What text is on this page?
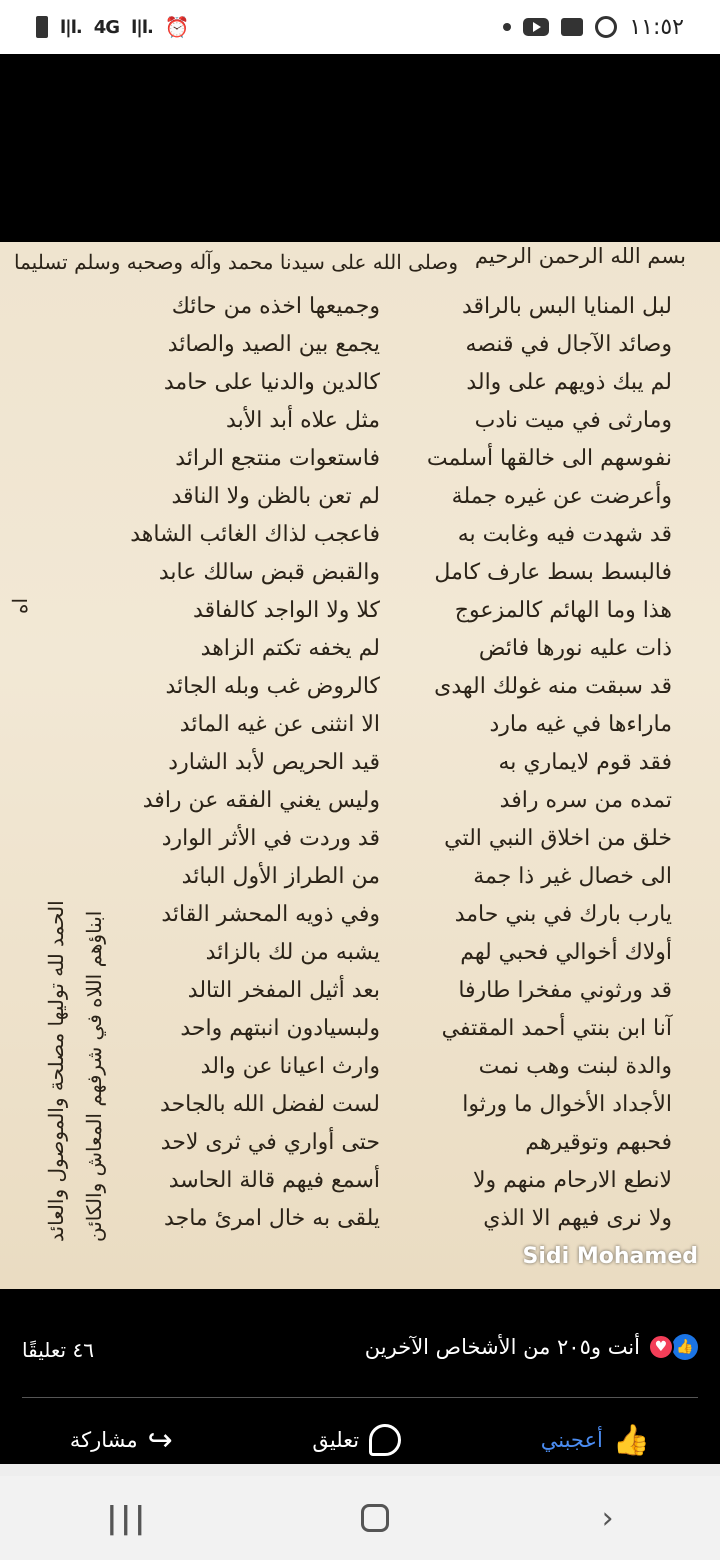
l|l. 4G l|l. ⏰	١١:٥٢
بسم الله الرحمن الرحيم
وصلى الله على سيدنا محمد وآله وصحبه وسلم تسليما
لبل المنايا البس بالراقد
وصائد الآجال في قنصه
لم يبك ذويهم على والد
ومارثى في ميت نادب
نفوسهم الى خالقها أسلمت
وأعرضت عن غيره جملة
قد شهدت فيه وغابت به
فالبسط بسط عارف كامل
هذا وما الهائم كالمزعوج
ذات عليه نورها فائض
قد سبقت منه غولك الهدى
ماراءها في غيه مارد
فقد قوم لايماري به
تمده من سره رافد
خلق من اخلاق النبي التي
الى خصال غير ذا جمة
يارب بارك في بني حامد
أولاك أخوالي فحبي لهم
قد ورثوني مفخرا طارفا
آنا ابن بنتي أحمد المقتفي
والدة لبنت وهب نمت
الأجداد الأخوال ما ورثوا
فحبهم وتوقيرهم
لانطع الارحام منهم ولا
ولا نرى فيهم الا الذي
وجميعها اخذه من حائك
يجمع بين الصيد والصائد
كالدين والدنيا على حامد
مثل علاه أبد الأبد
فاستعوات منتجع الرائد
لم تعن بالظن ولا الناقد
فاعجب لذاك الغائب الشاهد
والقبض قبض سالك عابد
كلا ولا الواجد كالفاقد
لم يخفه تكتم الزاهد
كالروض غب وبله الجائد
الا انثنى عن غيه المائد
قيد الحريص لأبد الشارد
وليس يغني الفقه عن رافد
قد وردت في الأثر الوارد
من الطراز الأول البائد
وفي ذويه المحشر القائد
يشبه من لك بالزائد
بعد أثيل المفخر التالد
ولبسيادون انبتهم واحد
وارث اعيانا عن والد
لست لفضل الله بالجاحد
حتى أواري في ثرى لاحد
أسمع فيهم قالة الحاسد
يلقى به خال امرئ ماجد
اه
ابناؤهم اللاه في شرفهم المعاش والكائن
الحمد لله توليها مصلحة والموصول والعائد
Sidi Mohamed
👍
♥
أنت و٢٠٥ من الأشخاص الآخرين
٤٦ تعليقًا
👍
أعجبني
تعليق
↪
مشاركة
|||	›
